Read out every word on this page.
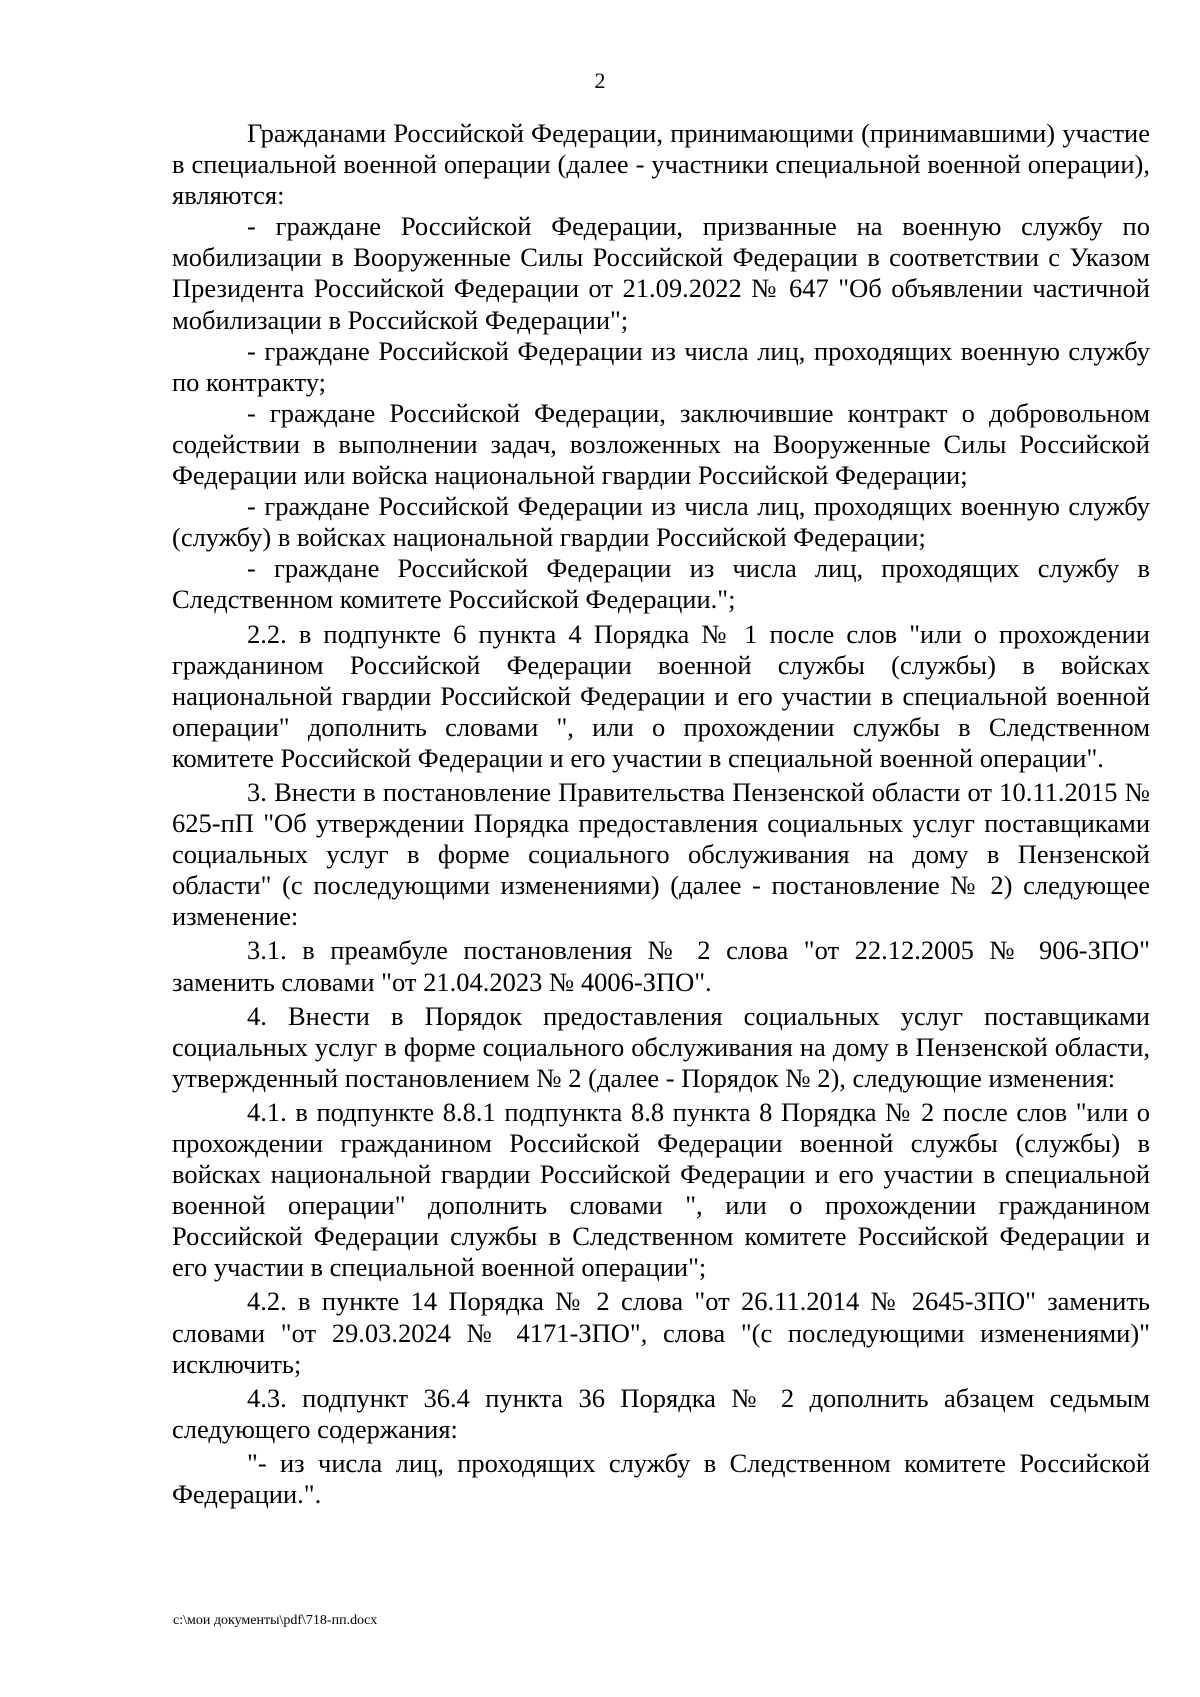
2

Гражданами Российской Федерации, принимающими (принимавшими) участие в специальной военной операции (далее - участники специальной военной операции), являются:

- граждане Российской Федерации, призванные на военную службу по мобилизации в Вооруженные Силы Российской Федерации в соответствии с Указом Президента Российской Федерации от 21.09.2022 № 647 "Об объявлении частичной мобилизации в Российской Федерации";

- граждане Российской Федерации из числа лиц, проходящих военную службу по контракту;

- граждане Российской Федерации, заключившие контракт о добровольном содействии в выполнении задач, возложенных на Вооруженные Силы Российской Федерации или войска национальной гвардии Российской Федерации;

- граждане Российской Федерации из числа лиц, проходящих военную службу (службу) в войсках национальной гвардии Российской Федерации;

- граждане Российской Федерации из числа лиц, проходящих службу в Следственном комитете Российской Федерации.";

2.2. в подпункте 6 пункта 4 Порядка № 1 после слов "или о прохождении гражданином Российской Федерации военной службы (службы) в войсках национальной гвардии Российской Федерации и его участии в специальной военной операции" дополнить словами ", или о прохождении службы в Следственном комитете Российской Федерации и его участии в специальной военной операции".

3. Внести в постановление Правительства Пензенской области от 10.11.2015 № 625-пП "Об утверждении Порядка предоставления социальных услуг поставщиками социальных услуг в форме социального обслуживания на дому в Пензенской области" (с последующими изменениями) (далее - постановление № 2) следующее изменение:

3.1. в преамбуле постановления № 2 слова "от 22.12.2005 № 906-ЗПО" заменить словами "от 21.04.2023 № 4006-ЗПО".

4. Внести в Порядок предоставления социальных услуг поставщиками социальных услуг в форме социального обслуживания на дому в Пензенской области, утвержденный постановлением № 2 (далее - Порядок № 2), следующие изменения:

4.1. в подпункте 8.8.1 подпункта 8.8 пункта 8 Порядка № 2 после слов "или о прохождении гражданином Российской Федерации военной службы (службы) в войсках национальной гвардии Российской Федерации и его участии в специальной военной операции" дополнить словами ", или о прохождении гражданином Российской Федерации службы в Следственном комитете Российской Федерации и его участии в специальной военной операции";

4.2. в пункте 14 Порядка № 2 слова "от 26.11.2014 № 2645-ЗПО" заменить словами "от 29.03.2024 № 4171-ЗПО", слова "(с последующими изменениями)" исключить;

4.3. подпункт 36.4 пункта 36 Порядка № 2 дополнить абзацем седьмым следующего содержания:

"- из числа лиц, проходящих службу в Следственном комитете Российской Федерации.".

c:\мои документы\pdf\718-пп.docx
